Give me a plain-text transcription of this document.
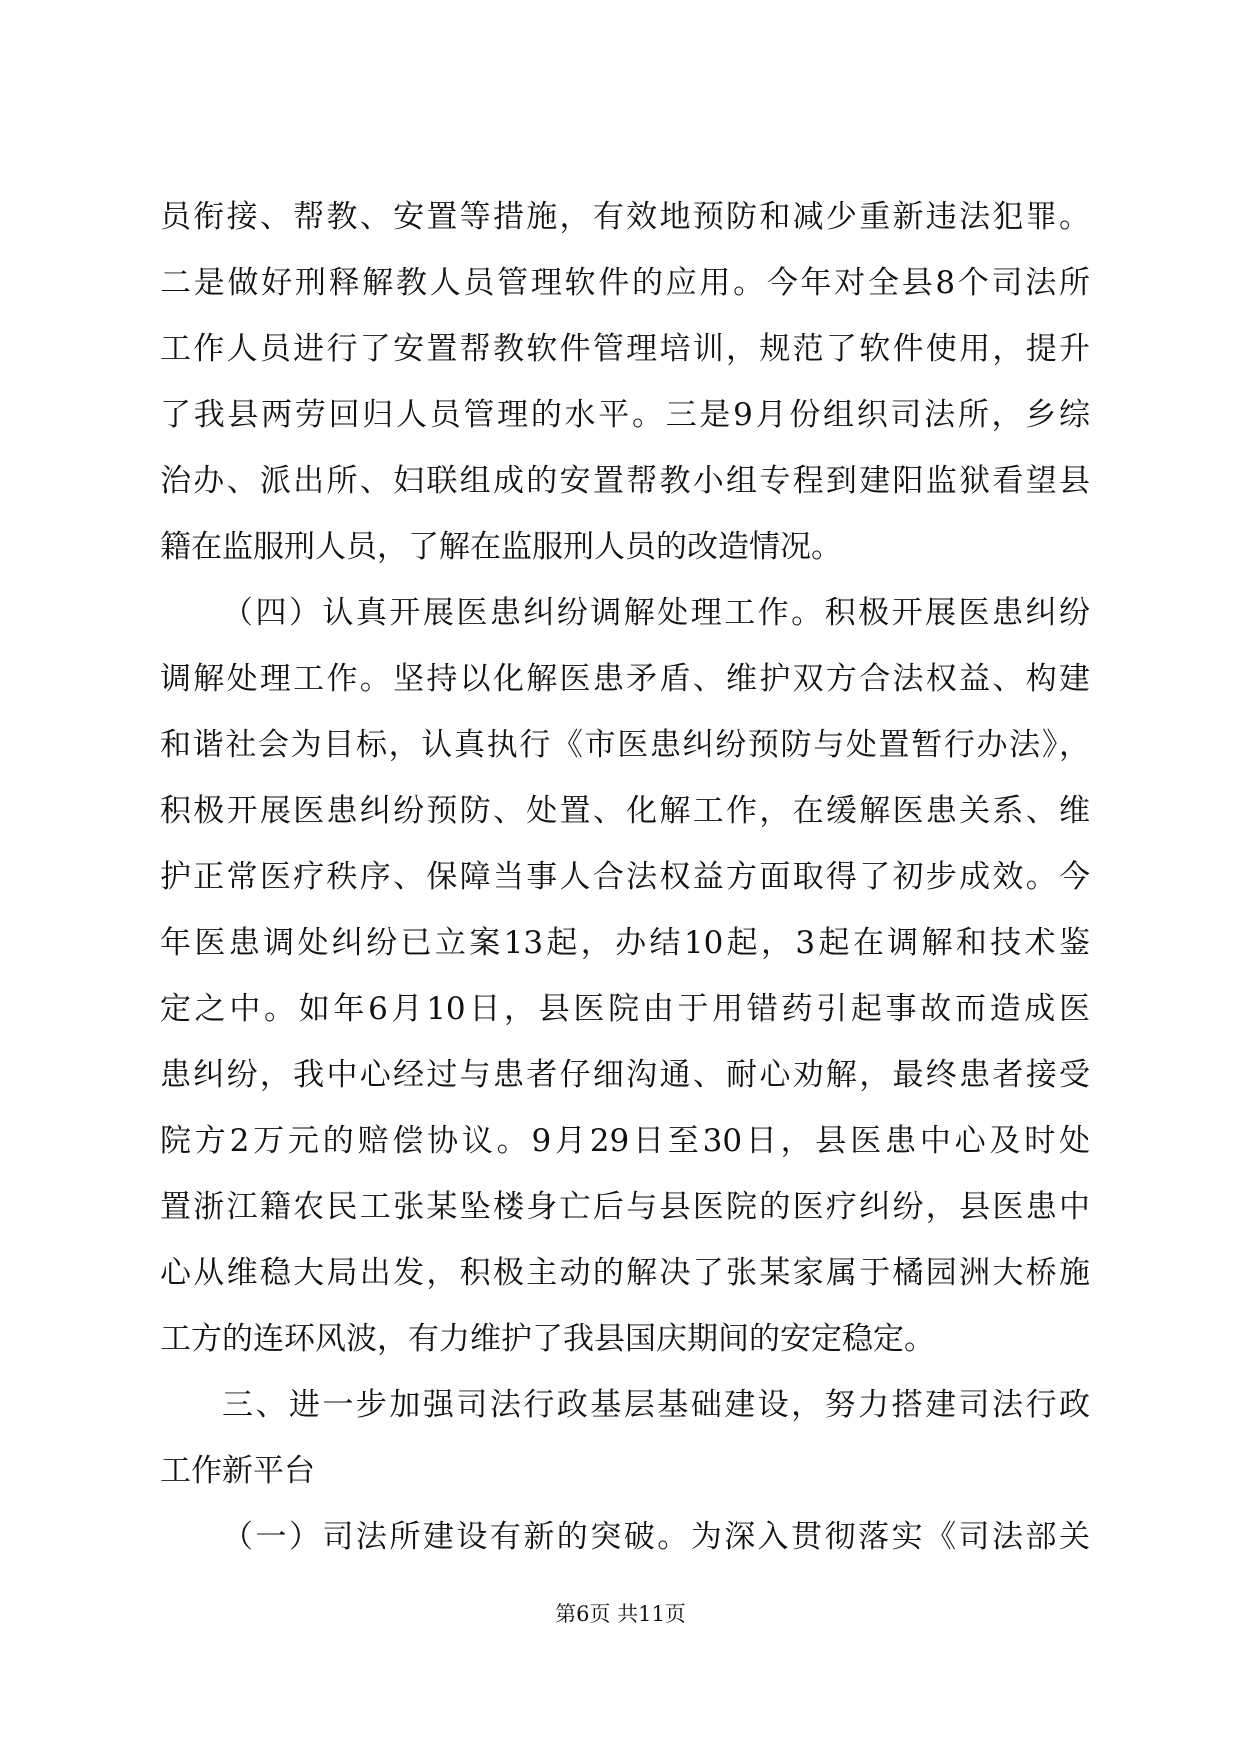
员衔接、帮教、安置等措施，有效地预防和减少重新违法犯罪。
二是做好刑释解教人员管理软件的应用。今年对全县8个司法所
工作人员进行了安置帮教软件管理培训，规范了软件使用，提升
了我县两劳回归人员管理的水平。三是9月份组织司法所，乡综
治办、派出所、妇联组成的安置帮教小组专程到建阳监狱看望县
籍在监服刑人员，了解在监服刑人员的改造情况。
（四）认真开展医患纠纷调解处理工作。积极开展医患纠纷
调解处理工作。坚持以化解医患矛盾、维护双方合法权益、构建
和谐社会为目标，认真执行《市医患纠纷预防与处置暂行办法》，
积极开展医患纠纷预防、处置、化解工作，在缓解医患关系、维
护正常医疗秩序、保障当事人合法权益方面取得了初步成效。今
年医患调处纠纷已立案13起，办结10起，3起在调解和技术鉴
定之中。如年6月10日，县医院由于用错药引起事故而造成医
患纠纷，我中心经过与患者仔细沟通、耐心劝解，最终患者接受
院方2万元的赔偿协议。9月29日至30日，县医患中心及时处
置浙江籍农民工张某坠楼身亡后与县医院的医疗纠纷，县医患中
心从维稳大局出发，积极主动的解决了张某家属于橘园洲大桥施
工方的连环风波，有力维护了我县国庆期间的安定稳定。
三、进一步加强司法行政基层基础建设，努力搭建司法行政
工作新平台
（一）司法所建设有新的突破。为深入贯彻落实《司法部关
第6页 共11页
